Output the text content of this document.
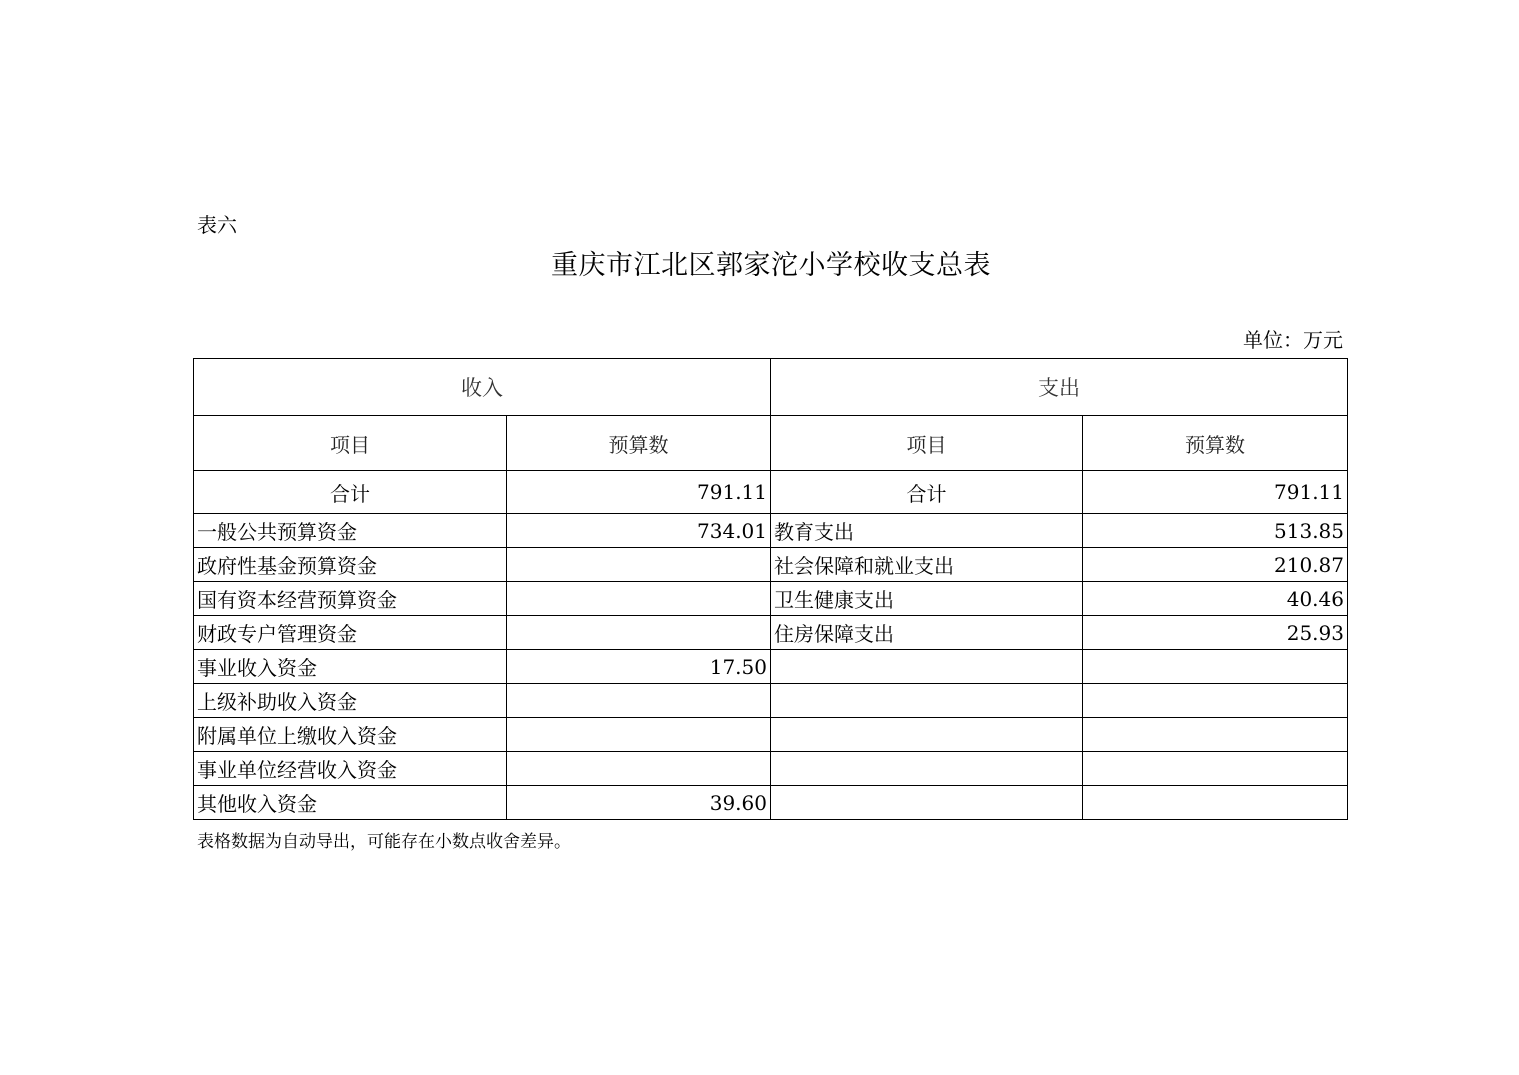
表六
重庆市江北区郭家沱小学校收支总表
单位：万元
收入		支出	
项目	预算数	项目	预算数
合计	791.11	合计	791.11
一般公共预算资金	734.01	教育支出	513.85
政府性基金预算资金		社会保障和就业支出	210.87
国有资本经营预算资金		卫生健康支出	40.46
财政专户管理资金		住房保障支出	25.93
事业收入资金	17.50		
上级补助收入资金			
附属单位上缴收入资金			
事业单位经营收入资金			
其他收入资金	39.60		
表格数据为自动导出，可能存在小数点收舍差异。
